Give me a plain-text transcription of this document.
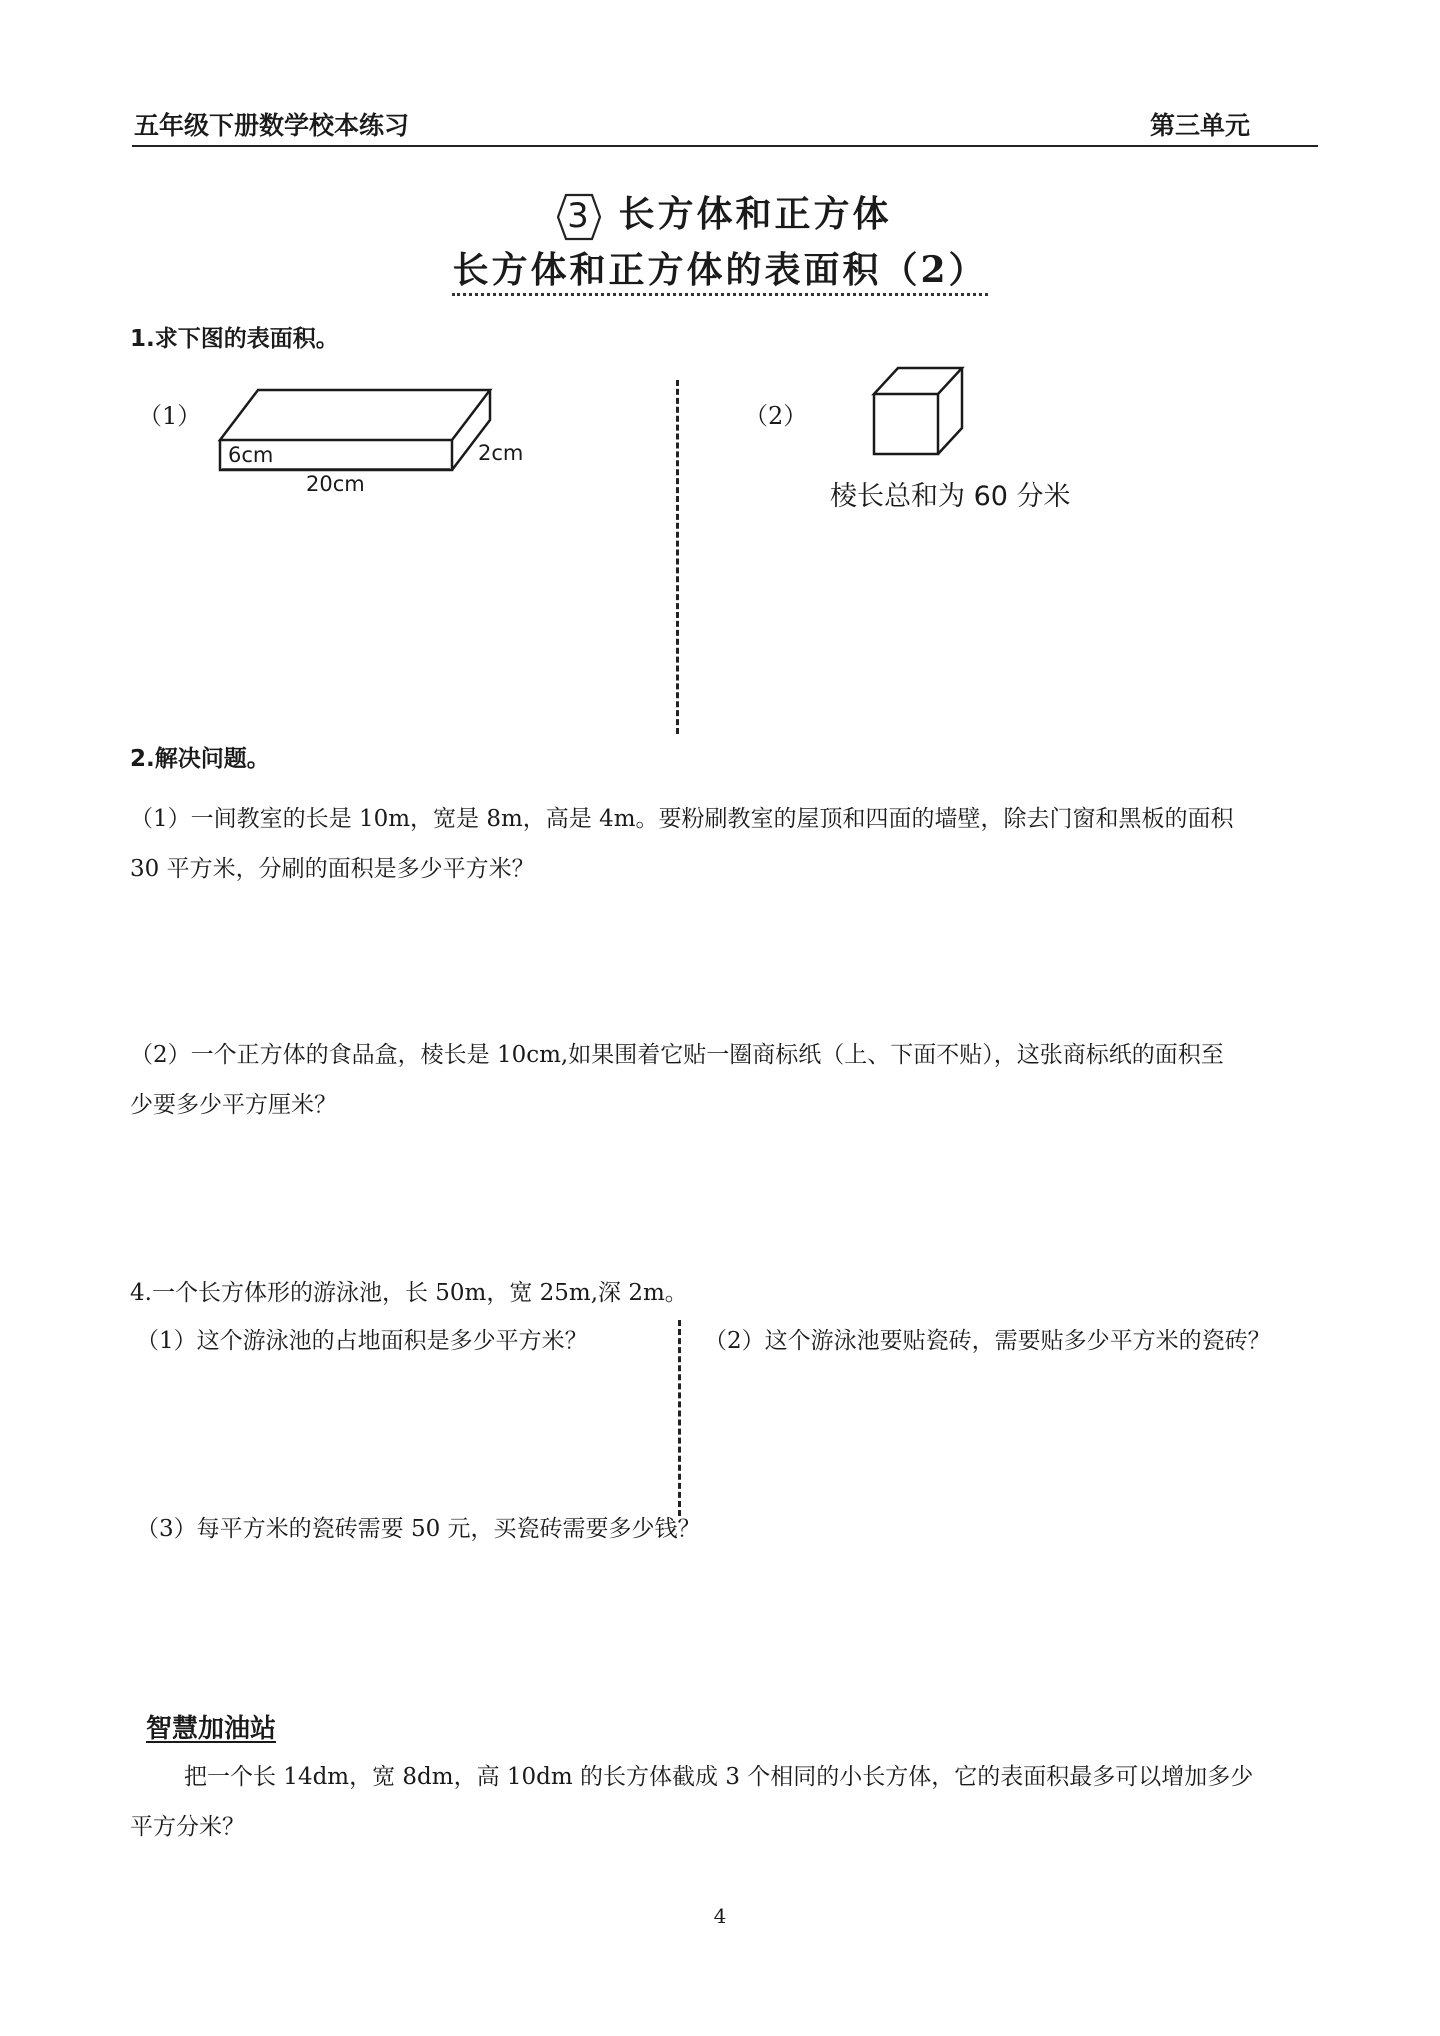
五年级下册数学校本练习	第三单元
3 长方体和正方体
长方体和正方体的表面积（2）
1.求下图的表面积。
（1）
6cm	2cm
20cm
（2）
棱长总和为 60 分米
2.解决问题。
（1）一间教室的长是 10m，宽是 8m，高是 4m。要粉刷教室的屋顶和四面的墙壁，除去门窗和黑板的面积
30 平方米，分刷的面积是多少平方米？
（2）一个正方体的食品盒，棱长是 10cm,如果围着它贴一圈商标纸（上、下面不贴），这张商标纸的面积至
少要多少平方厘米？
4.一个长方体形的游泳池，长 50m，宽 25m,深 2m。
（1）这个游泳池的占地面积是多少平方米？	（2）这个游泳池要贴瓷砖，需要贴多少平方米的瓷砖？
（3）每平方米的瓷砖需要 50 元，买瓷砖需要多少钱？
智慧加油站
把一个长 14dm，宽 8dm，高 10dm 的长方体截成 3 个相同的小长方体，它的表面积最多可以增加多少
平方分米？
4
